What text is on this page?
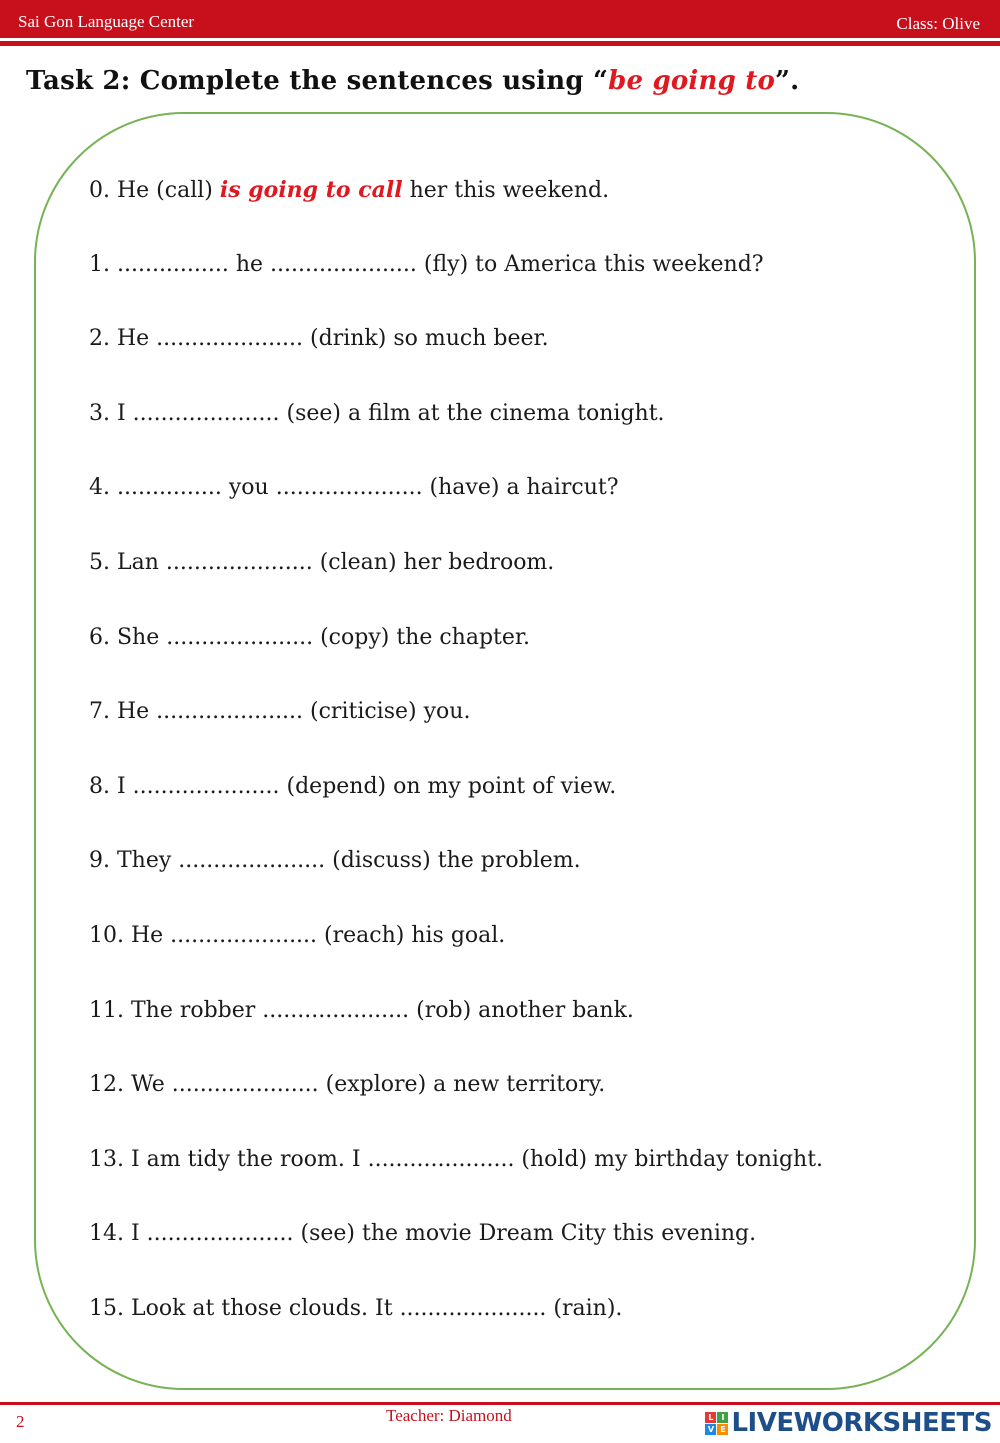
Sai Gon Language Center	Class: Olive
Task 2: Complete the sentences using “be going to”.
0. He (call) is going to call her this weekend.
1. ................ he ..................... (fly) to America this weekend?
2. He ..................... (drink) so much beer.
3. I ..................... (see) a film at the cinema tonight.
4. ............... you ..................... (have) a haircut?
5. Lan ..................... (clean) her bedroom.
6. She ..................... (copy) the chapter.
7. He ..................... (criticise) you.
8. I ..................... (depend) on my point of view.
9. They ..................... (discuss) the problem.
10. He ..................... (reach) his goal.
11. The robber ..................... (rob) another bank.
12. We ..................... (explore) a new territory.
13. I am tidy the room. I ..................... (hold) my birthday tonight.
14. I ..................... (see) the movie Dream City this evening.
15. Look at those clouds. It ..................... (rain).
2	Teacher: Diamond	L I
V E LIVEWORKSHEETS
